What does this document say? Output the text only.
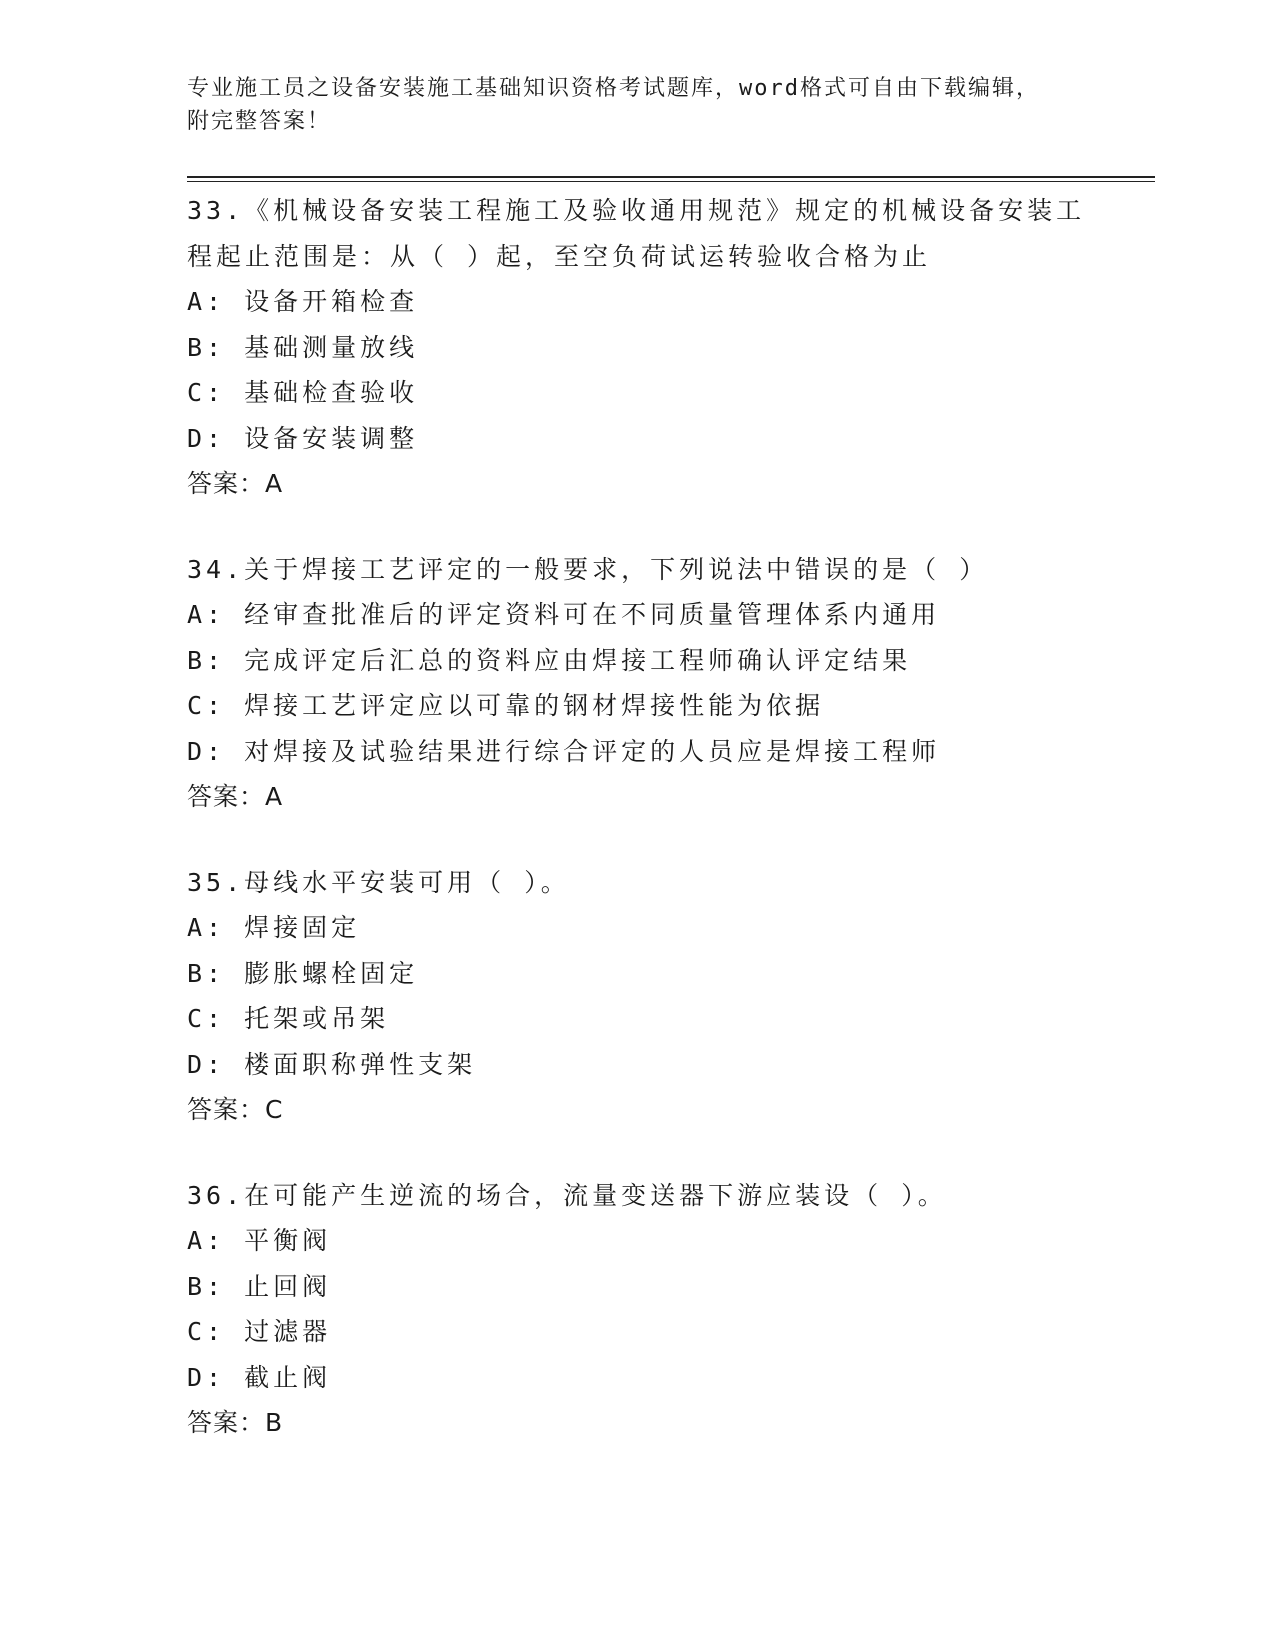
专业施工员之设备安装施工基础知识资格考试题库，word格式可自由下载编辑，
附完整答案！
33.《机械设备安装工程施工及验收通用规范》规定的机械设备安装工
程起止范围是：从（ ）起，至空负荷试运转验收合格为止
A: 设备开箱检查
B: 基础测量放线
C: 基础检查验收
D: 设备安装调整
答案：A
34.关于焊接工艺评定的一般要求，下列说法中错误的是（ ）
A: 经审查批准后的评定资料可在不同质量管理体系内通用
B: 完成评定后汇总的资料应由焊接工程师确认评定结果
C: 焊接工艺评定应以可靠的钢材焊接性能为依据
D: 对焊接及试验结果进行综合评定的人员应是焊接工程师
答案：A
35.母线水平安装可用（ ）。
A: 焊接固定
B: 膨胀螺栓固定
C: 托架或吊架
D: 楼面职称弹性支架
答案：C
36.在可能产生逆流的场合，流量变送器下游应装设（ ）。
A: 平衡阀
B: 止回阀
C: 过滤器
D: 截止阀
答案：B
